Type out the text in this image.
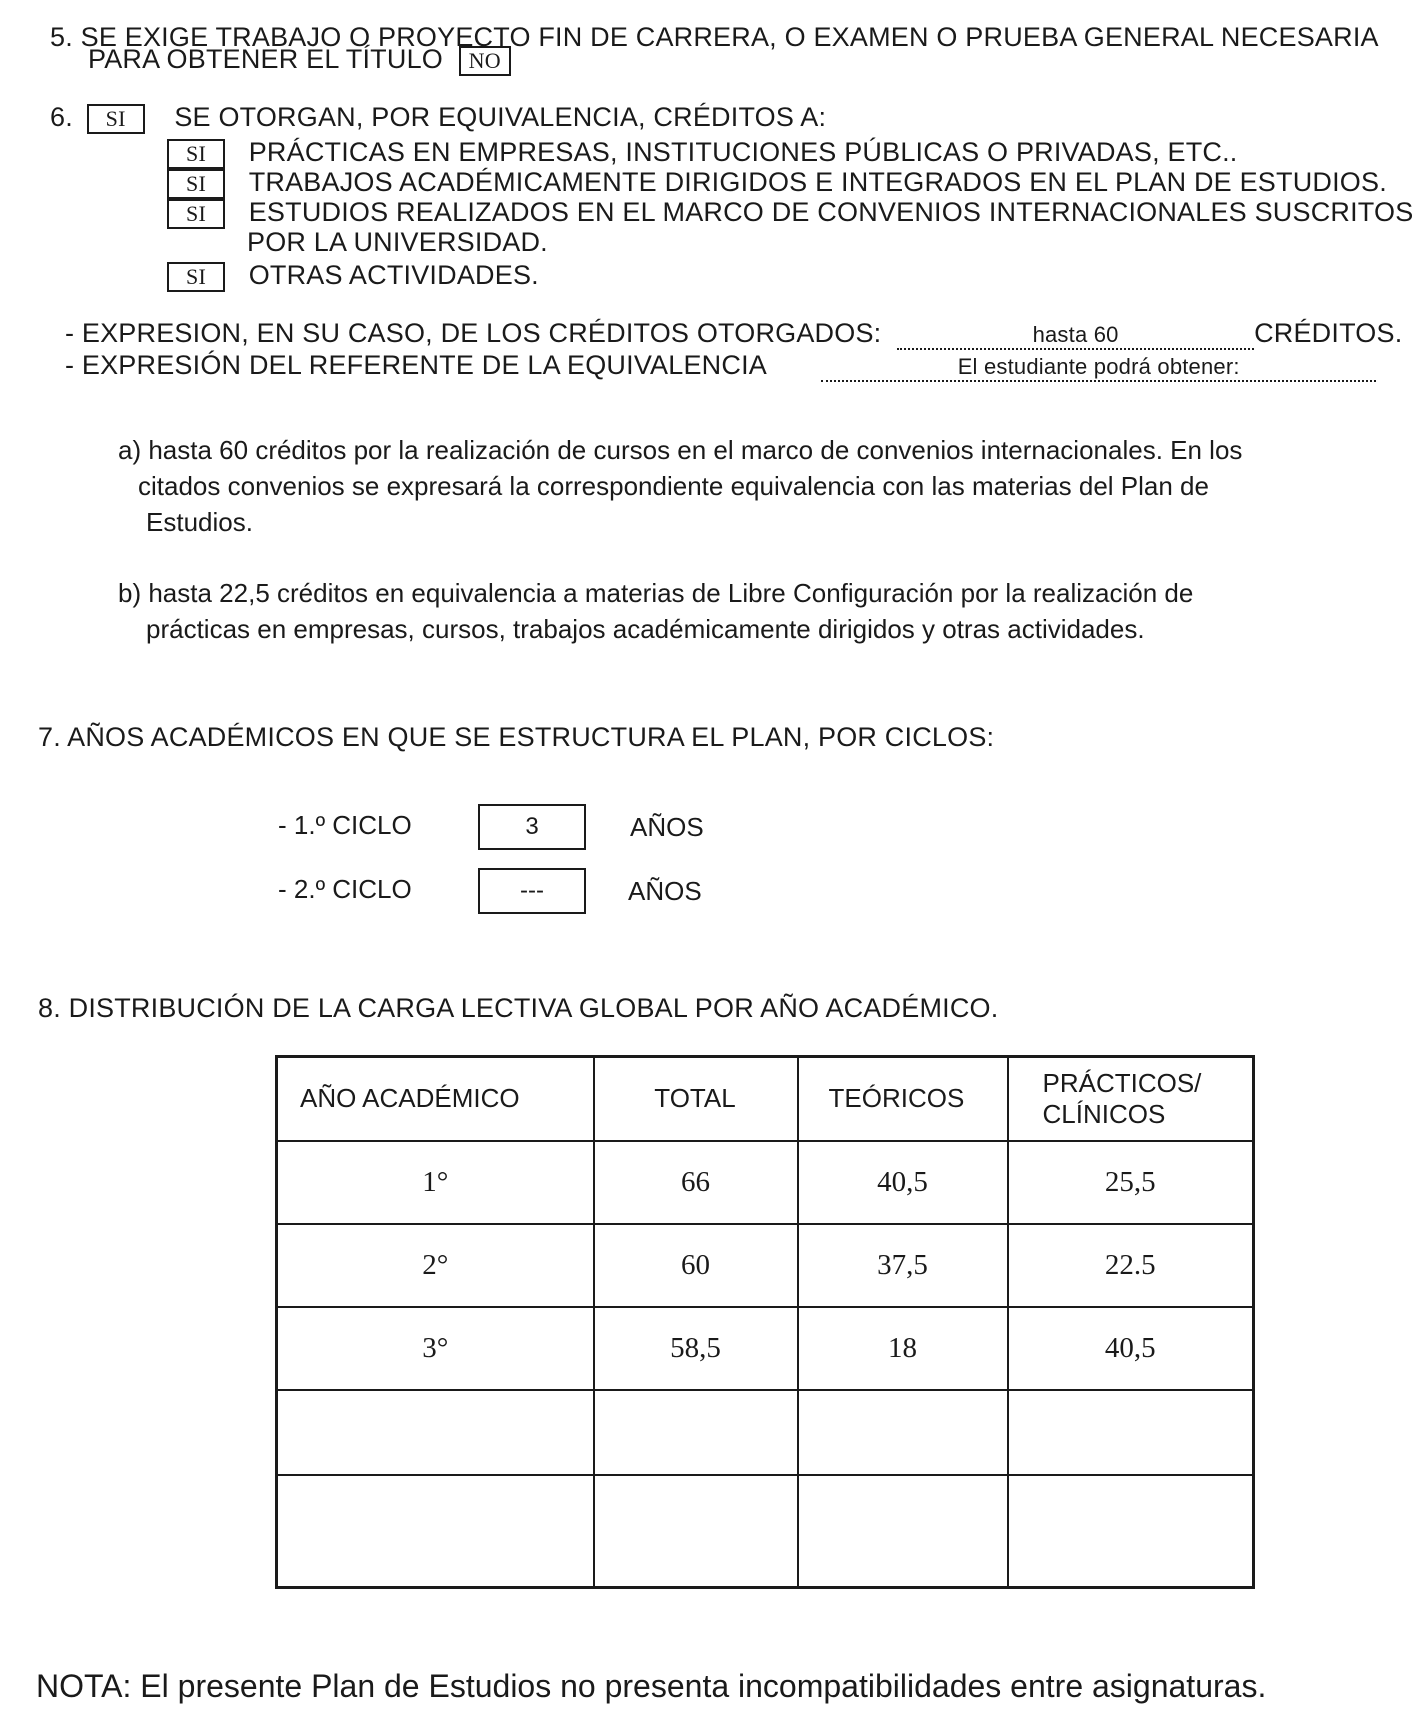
5. SE EXIGE TRABAJO O PROYECTO FIN DE CARRERA, O EXAMEN O PRUEBA GENERAL NECESARIA
PARA OBTENER EL TÍTULO NO
6. SI SE OTORGAN, POR EQUIVALENCIA, CRÉDITOS A:
SI PRÁCTICAS EN EMPRESAS, INSTITUCIONES PÚBLICAS O PRIVADAS, ETC..
SI TRABAJOS ACADÉMICAMENTE DIRIGIDOS E INTEGRADOS EN EL PLAN DE ESTUDIOS.
SI ESTUDIOS REALIZADOS EN EL MARCO DE CONVENIOS INTERNACIONALES SUSCRITOS
POR LA UNIVERSIDAD.
SI OTRAS ACTIVIDADES.
- EXPRESION, EN SU CASO, DE LOS CRÉDITOS OTORGADOS:	hasta 60	CRÉDITOS.
- EXPRESIÓN DEL REFERENTE DE LA EQUIVALENCIA	El estudiante podrá obtener:
a) hasta 60 créditos por la realización de cursos en el marco de convenios internacionales. En los
citados convenios se expresará la correspondiente equivalencia con las materias del Plan de
Estudios.
b) hasta 22,5 créditos en equivalencia a materias de Libre Configuración por la realización de
prácticas en empresas, cursos, trabajos académicamente dirigidos y otras actividades.
7. AÑOS ACADÉMICOS EN QUE SE ESTRUCTURA EL PLAN, POR CICLOS:
- 1.º CICLO	3	AÑOS
- 2.º CICLO	---	AÑOS
8. DISTRIBUCIÓN DE LA CARGA LECTIVA GLOBAL POR AÑO ACADÉMICO.
AÑO ACADÉMICO	TOTAL	TEÓRICOS	PRÁCTICOS/
CLÍNICOS

1°	66	40,5	25,5
2°	60	37,5	22.5
3°	58,5	18	40,5

NOTA: El presente Plan de Estudios no presenta incompatibilidades entre asignaturas.
